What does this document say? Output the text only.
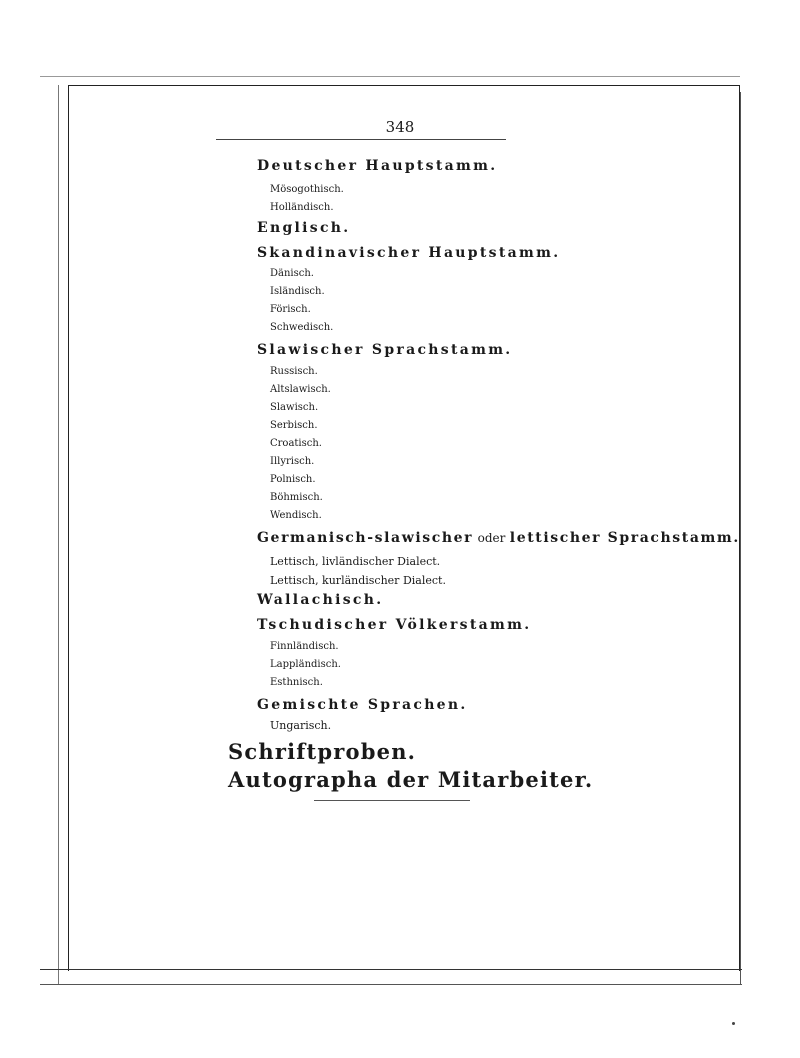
348
Deutscher Hauptstamm.
Mösogothisch.
Holländisch.
Englisch.
Skandinavischer Hauptstamm.
Dänisch.
Isländisch.
Förisch.
Schwedisch.
Slawischer Sprachstamm.
Russisch.
Altslawisch.
Slawisch.
Serbisch.
Croatisch.
Illyrisch.
Polnisch.
Böhmisch.
Wendisch.
Germanisch-slawischer oder lettischer Sprachstamm.
Lettisch, livländischer Dialect.
Lettisch, kurländischer Dialect.
Wallachisch.
Tschudischer Völkerstamm.
Finnländisch.
Lappländisch.
Esthnisch.
Gemischte Sprachen.
Ungarisch.
Schriftproben.
Autographa der Mitarbeiter.
